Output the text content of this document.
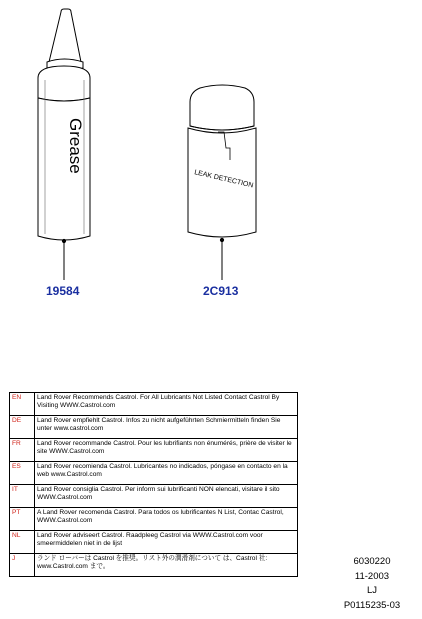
Grease
LEAK DETECTION
19584	2C913
EN	Land Rover Recommends Castrol. For All Lubricants Not Listed Contact Castrol By Visiting WWW.Castrol.com
DE	Land Rover empfiehlt Castrol. Infos zu nicht aufgeführten Schmiermitteln finden Sie unter www.castrol.com
FR	Land Rover recommande Castrol. Pour les lubrifiants non énumérés, prière de visiter le site WWW.Castrol.com
ES	Land Rover recomienda Castrol. Lubricantes no indicados, póngase en contacto en la web www.Castrol.com
IT	Land Rover consiglia Castrol. Per inform sui lubrificanti NON elencati, visitare il sito WWW.Castrol.com
PT	A Land Rover recomenda Castrol. Para todos os lubrificantes N List, Contac Castrol, WWW.Castrol.com
NL	Land Rover adviseert Castrol. Raadpleeg Castrol via WWW.Castrol.com voor smeermiddelen niet in de lijst
J	ランド ローバーは Castrol を推奨。リスト外の潤滑剤について は、Castrol 社: www.Castrol.com まで。	6030220
11-2003
LJ
P0115235-03
